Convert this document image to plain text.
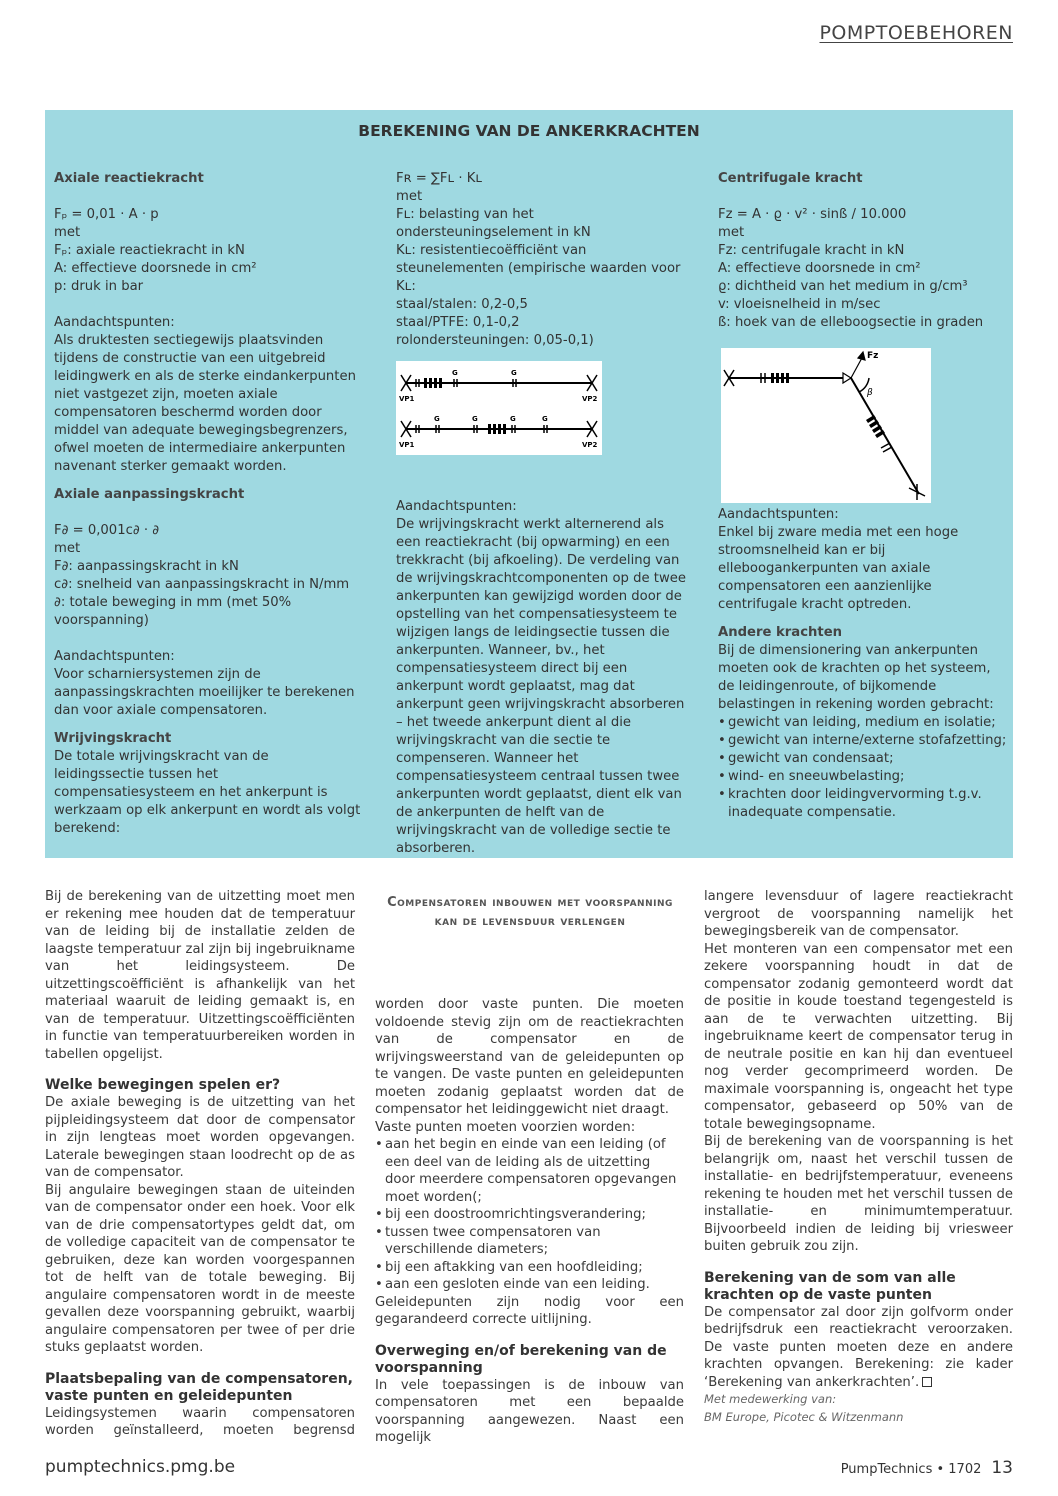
POMPTOEBEHOREN
BEREKENING VAN DE ANKERKRACHTEN

Axiale reactiekracht

Fₚ = 0,01 · A · p

met

Fₚ: axiale reactiekracht in kN

A: effectieve doorsnede in cm²

p: druk in bar

Aandachtspunten:

Als druktesten sectiegewijs plaatsvinden tijdens de constructie van een uitgebreid leidingwerk en als de sterke eindankerpunten niet vastgezet zijn, moeten axiale compensatoren beschermd worden door middel van adequate bewegingsbegrenzers, ofwel moeten de intermediaire ankerpunten navenant sterker gemaakt worden.

Axiale aanpassingskracht

F∂ = 0,001c∂ · ∂

met

F∂: aanpassingskracht in kN

c∂: snelheid van aanpassingskracht in N/mm

∂: totale beweging in mm (met 50% voorspanning)

Aandachtspunten:

Voor scharniersystemen zijn de aanpassingskrachten moeilijker te berekenen dan voor axiale compensatoren.

Wrijvingskracht

De totale wrijvingskracht van de leidingssectie tussen het compensatiesysteem en het ankerpunt is werkzaam op elk ankerpunt en wordt als volgt berekend:

Fʀ = ∑Fʟ · Kʟ

met

Fʟ: belasting van het ondersteuningselement in kN

Kʟ: resistentiecoëfficiënt van steunelementen (empirische waarden voor Kʟ:

staal/stalen: 0,2-0,5

staal/PTFE: 0,1-0,2

rolondersteuningen: 0,05-0,1)

Aandachtspunten:

De wrijvingskracht werkt alternerend als een reactiekracht (bij opwarming) en een trekkracht (bij afkoeling). De verdeling van de wrijvingskrachtcomponenten op de twee ankerpunten kan gewijzigd worden door de opstelling van het compensatiesysteem te wijzigen langs de leidingsectie tussen die ankerpunten. Wanneer, bv., het compensatiesysteem direct bij een ankerpunt wordt geplaatst, mag dat ankerpunt geen wrijvingskracht absorberen – het tweede ankerpunt dient al die wrijvingskracht van die sectie te compenseren. Wanneer het compensatiesysteem centraal tussen twee ankerpunten wordt geplaatst, dient elk van de ankerpunten de helft van de wrijvingskracht van de volledige sectie te absorberen.

G	G
G	G	G	G
VP1	VP2
VP1	VP2

Centrifugale kracht

Fᴢ = A · ϱ · v² · sinß / 10.000

met

Fᴢ: centrifugale kracht in kN

A: effectieve doorsnede in cm²

ϱ: dichtheid van het medium in g/cm³

v: vloeisnelheid in m/sec

ß: hoek van de elleboogsectie in graden

Aandachtspunten:

Enkel bij zware media met een hoge stroomsnelheid kan er bij elleboogankerpunten van axiale compensatoren een aanzienlijke centrifugale kracht optreden.

Andere krachten

Bij de dimensionering van ankerpunten moeten ook de krachten op het systeem, de leidingenroute, of bijkomende belastingen in rekening worden gebracht:

• gewicht van leiding, medium en isolatie;
• gewicht van interne/externe stofafzetting;
• gewicht van condensaat;
• wind- en sneeuwbelasting;
• krachten door leidingvervorming t.g.v. inadequate compensatie.
Fᴢ
β

Bij de berekening van de uitzetting moet men er rekening mee houden dat de temperatuur van de leiding bij de installatie zelden de laagste temperatuur zal zijn bij ingebruikname van het leidingsysteem. De uitzettingscoëfficiënt is afhankelijk van het materiaal waaruit de leiding gemaakt is, en van de temperatuur. Uitzettingscoëfficiënten in functie van temperatuurbereiken worden in tabellen opgelijst.

Welke bewegingen spelen er?

De axiale beweging is de uitzetting van het pijpleidingsysteem dat door de compensator in zijn lengteas moet worden opgevangen. Laterale bewegingen staan loodrecht op de as van de compensator.

Bij angulaire bewegingen staan de uiteinden van de compensator onder een hoek. Voor elk van de drie compensatortypes geldt dat, om de volledige capaciteit van de compensator te gebruiken, deze kan worden voorgespannen tot de helft van de totale beweging. Bij angulaire compensatoren wordt in de meeste gevallen deze voorspanning gebruikt, waarbij angulaire compensatoren per twee of per drie stuks geplaatst worden.

Plaatsbepaling van de compensatoren, vaste punten en geleidepunten

Leidingsystemen waarin compensatoren worden geïnstalleerd, moeten begrensd

Compensatoren inbouwen met voorspanning kan de levensduur verlengen

worden door vaste punten. Die moeten voldoende stevig zijn om de reactiekrachten van de compensator en de wrijvingsweerstand van de geleidepunten op te vangen. De vaste punten en geleidepunten moeten zodanig geplaatst worden dat de compensator het leidinggewicht niet draagt.

Vaste punten moeten voorzien worden:

• aan het begin en einde van een leiding (of een deel van de leiding als de uitzetting door meerdere compensatoren opgevangen moet worden(;
• bij een doostroomrichtingsverandering;
• tussen twee compensatoren van verschillende diameters;
• bij een aftakking van een hoofdleiding;
• aan een gesloten einde van een leiding.

Geleidepunten zijn nodig voor een gegarandeerd correcte uitlijning.

Overweging en/of berekening van de voorspanning

In vele toepassingen is de inbouw van compensatoren met een bepaalde voorspanning aangewezen. Naast een mogelijk

langere levensduur of lagere reactiekracht vergroot de voorspanning namelijk het bewegingsbereik van de compensator.

Het monteren van een compensator met een zekere voorspanning houdt in dat de compensator zodanig gemonteerd wordt dat de positie in koude toestand tegengesteld is aan de te verwachten uitzetting. Bij ingebruikname keert de compensator terug in de neutrale positie en kan hij dan eventueel nog verder gecomprimeerd worden. De maximale voorspanning is, ongeacht het type compensator, gebaseerd op 50% van de totale bewegingsopname.

Bij de berekening van de voorspanning is het belangrijk om, naast het verschil tussen de installatie- en bedrijfstemperatuur, eveneens rekening te houden met het verschil tussen de installatie- en minimumtemperatuur. Bijvoorbeeld indien de leiding bij vriesweer buiten gebruik zou zijn.

Berekening van de som van alle krachten op de vaste punten

De compensator zal door zijn golfvorm onder bedrijfsdruk een reactiekracht veroorzaken. De vaste punten moeten deze en andere krachten opvangen. Berekening: zie kader ‘Berekening van ankerkrachten’.

Met medewerking van:

BM Europe, Picotec & Witzenmann

pumptechnics.pmg.be	PumpTechnics • 1702 13
